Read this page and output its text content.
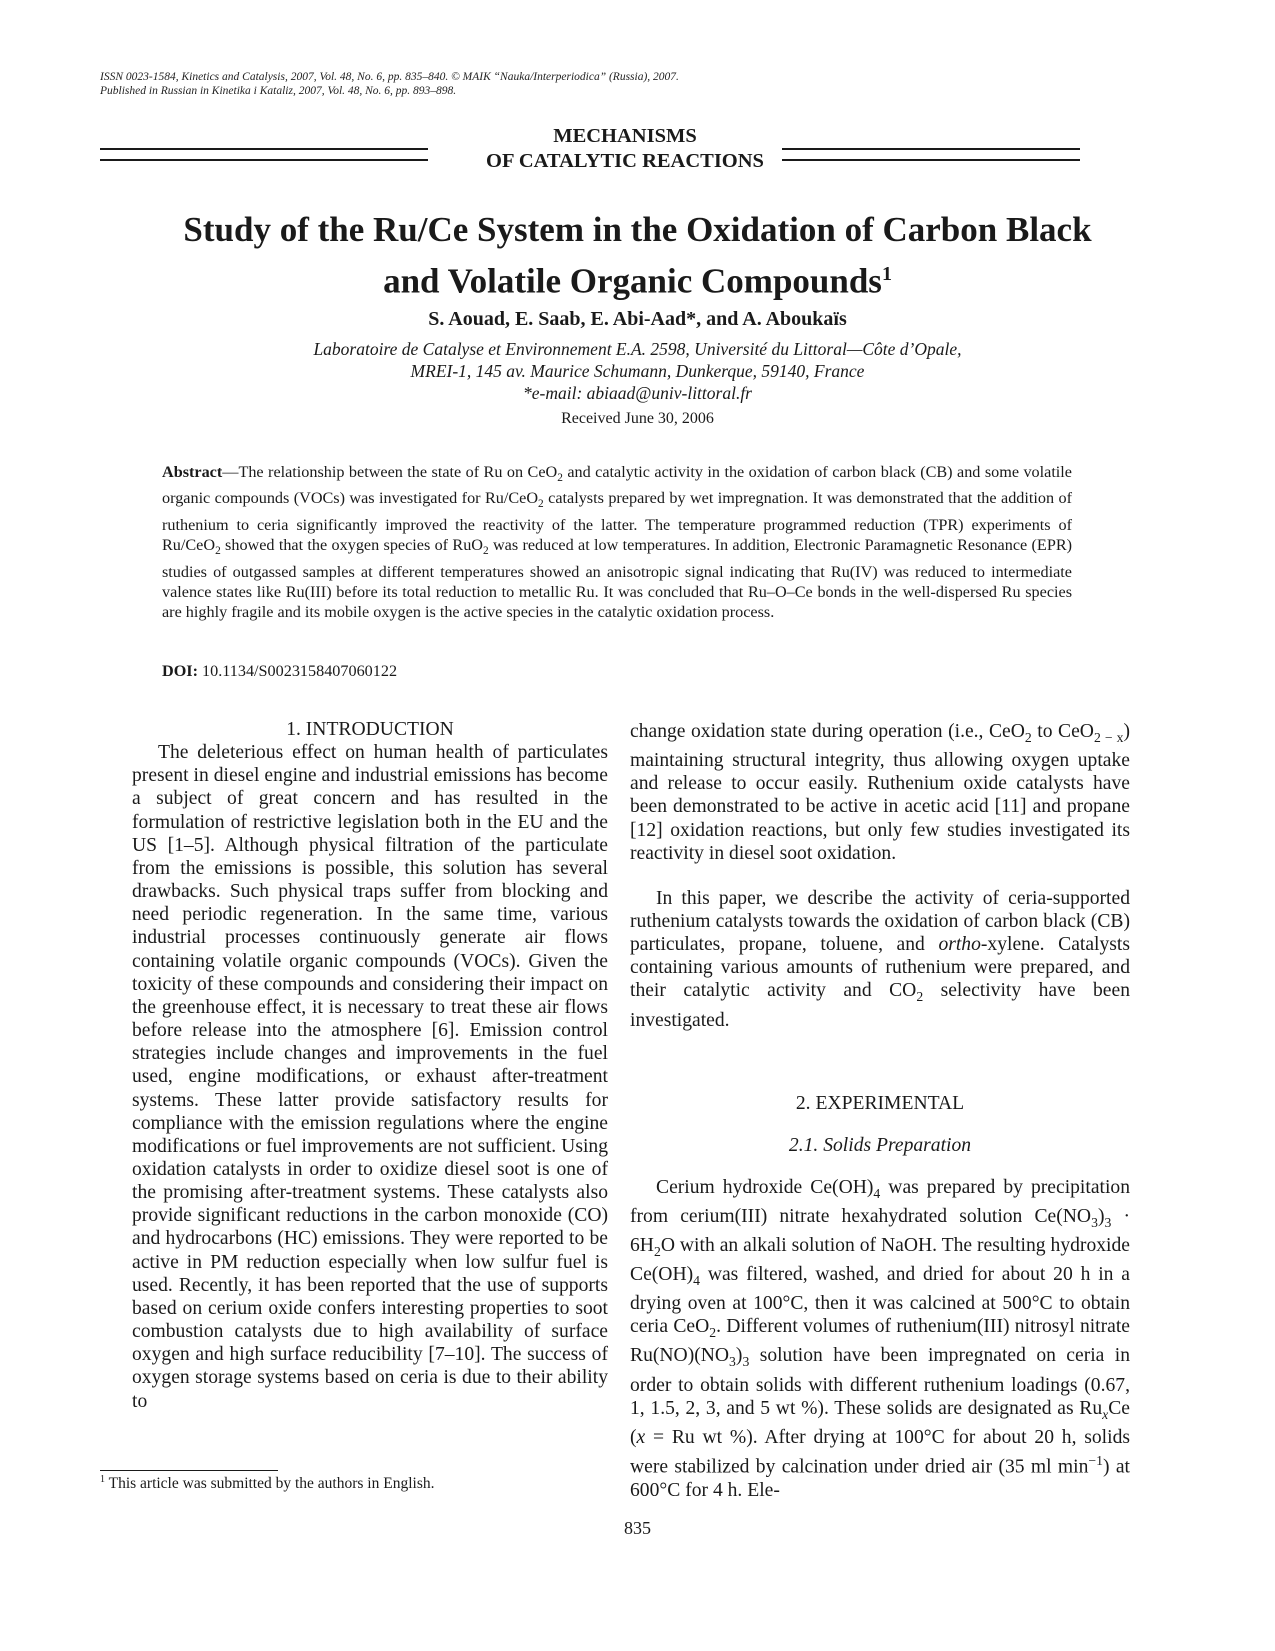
ISSN 0023-1584, Kinetics and Catalysis, 2007, Vol. 48, No. 6, pp. 835–840. © MAIK “Nauka/Interperiodica” (Russia), 2007.
Published in Russian in Kinetika i Kataliz, 2007, Vol. 48, No. 6, pp. 893–898.
MECHANISMS
OF CATALYTIC REACTIONS
Study of the Ru/Ce System in the Oxidation of Carbon Black
and Volatile Organic Compounds$^1$
S. Aouad, E. Saab, E. Abi-Aad*, and A. Aboukaïs
Laboratoire de Catalyse et Environnement E.A. 2598, Université du Littoral—Côte d’Opale,
MREI-1, 145 av. Maurice Schumann, Dunkerque, 59140, France
*e-mail: abiaad@univ-littoral.fr
Received June 30, 2006
Abstract—The relationship between the state of Ru on CeO$_2$ and catalytic activity in the oxidation of carbon black (CB) and some volatile organic compounds (VOCs) was investigated for Ru/CeO$_2$ catalysts prepared by wet impregnation. It was demonstrated that the addition of ruthenium to ceria significantly improved the reactivity of the latter. The temperature programmed reduction (TPR) experiments of Ru/CeO$_2$ showed that the oxygen species of RuO$_2$ was reduced at low temperatures. In addition, Electronic Paramagnetic Resonance (EPR) studies of outgassed samples at different temperatures showed an anisotropic signal indicating that Ru(IV) was reduced to intermediate valence states like Ru(III) before its total reduction to metallic Ru. It was concluded that Ru–O–Ce bonds in the well-dispersed Ru species are highly fragile and its mobile oxygen is the active species in the catalytic oxidation process.
DOI: 10.1134/S0023158407060122

1. INTRODUCTION

The deleterious effect on human health of particulates present in diesel engine and industrial emissions has become a subject of great concern and has resulted in the formulation of restrictive legislation both in the EU and the US [1–5]. Although physical filtration of the particulate from the emissions is possible, this solution has several drawbacks. Such physical traps suffer from blocking and need periodic regeneration. In the same time, various industrial processes continuously generate air flows containing volatile organic compounds (VOCs). Given the toxicity of these compounds and considering their impact on the greenhouse effect, it is necessary to treat these air flows before release into the atmosphere [6]. Emission control strategies include changes and improvements in the fuel used, engine modifications, or exhaust after-treatment systems. These latter provide satisfactory results for compliance with the emission regulations where the engine modifications or fuel improvements are not sufficient. Using oxidation catalysts in order to oxidize diesel soot is one of the promising after-treatment systems. These catalysts also provide significant reductions in the carbon monoxide (CO) and hydrocarbons (HC) emissions. They were reported to be active in PM reduction especially when low sulfur fuel is used. Recently, it has been reported that the use of supports based on cerium oxide confers interesting properties to soot combustion catalysts due to high availability of surface oxygen and high surface reducibility [7–10]. The success of oxygen storage systems based on ceria is due to their ability to

change oxidation state during operation (i.e., CeO$_2$ to CeO$_{2 - x}$) maintaining structural integrity, thus allowing oxygen uptake and release to occur easily. Ruthenium oxide catalysts have been demonstrated to be active in acetic acid [11] and propane [12] oxidation reactions, but only few studies investigated its reactivity in diesel soot oxidation.

In this paper, we describe the activity of ceria-supported ruthenium catalysts towards the oxidation of carbon black (CB) particulates, propane, toluene, and ortho-xylene. Catalysts containing various amounts of ruthenium were prepared, and their catalytic activity and $CO_2$ selectivity have been investigated.

2. EXPERIMENTAL

2.1. Solids Preparation

Cerium hydroxide $Ce(OH)_4$ was prepared by precipitation from cerium(III) nitrate hexahydrated solution $Ce(NO_3)_3 \cdot 6H_2O$ with an alkali solution of NaOH. The resulting hydroxide $Ce(OH)_4$ was filtered, washed, and dried for about 20 h in a drying oven at 100°C, then it was calcined at 500°C to obtain ceria CeO$_2$. Different volumes of ruthenium(III) nitrosyl nitrate $Ru(NO)(NO_3)_3$ solution have been impregnated on ceria in order to obtain solids with different ruthenium loadings (0.67, 1, 1.5, 2, 3, and 5 wt %). These solids are designated as $Ru_xCe$ (x = Ru wt %). After drying at 100°C for about 20 h, solids were stabilized by calcination under dried air (35 ml $\min^{-1}$) at 600°C for 4 h. Ele-

$^1$ This article was submitted by the authors in English.
835
